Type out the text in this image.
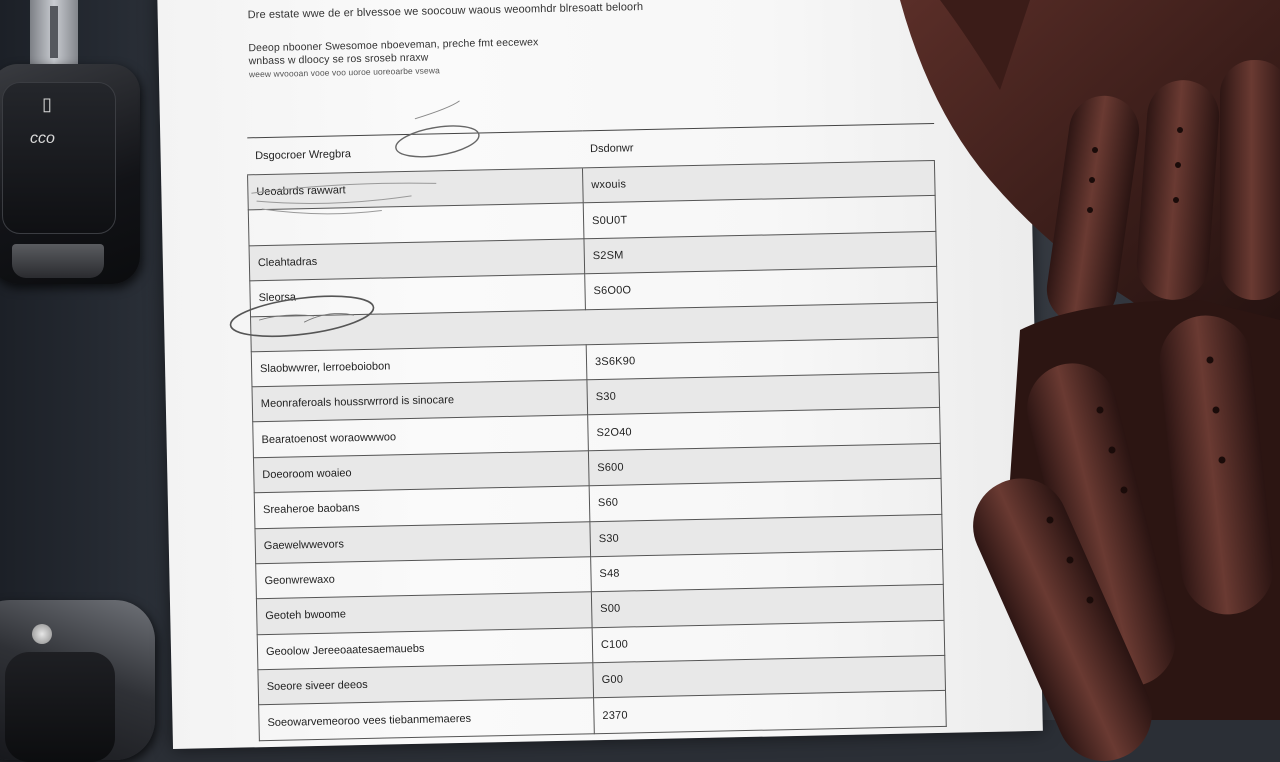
▯
cco
Dre estate wwe de er blvessoe we soocouw waous weoomhdr blresoatt beloorh
Deeop nbooner Swesomoe nboeveman, preche fmt eecewex
wnbass w dloocy se ros sroseb nraxw
weew wvoooan vooe voo uoroe uoreoarbe vsewa
Dsgocroer Wregbra	Dsdonwr
Ueoabrds rawwart	wxouis
	S0U0T
Cleahtadras	S2SM
Sleorsa	S6O0O

Slaobwwrer, lerroeboiobon	3S6K90
Meonraferoals houssrwrrord is sinocare	S30
Bearatoenost woraowwwoo	S2O40
Doeoroom woaieo	S600
Sreaheroe baobans	S60
Gaewelwwevors	S30
Geonwrewaxo	S48
Geoteh bwoome	S00
Geoolow Jereeoaatesaemauebs	C100
Soeore siveer deeos	G00
Soeowarvemeoroo vees tiebanmemaeres	2370
